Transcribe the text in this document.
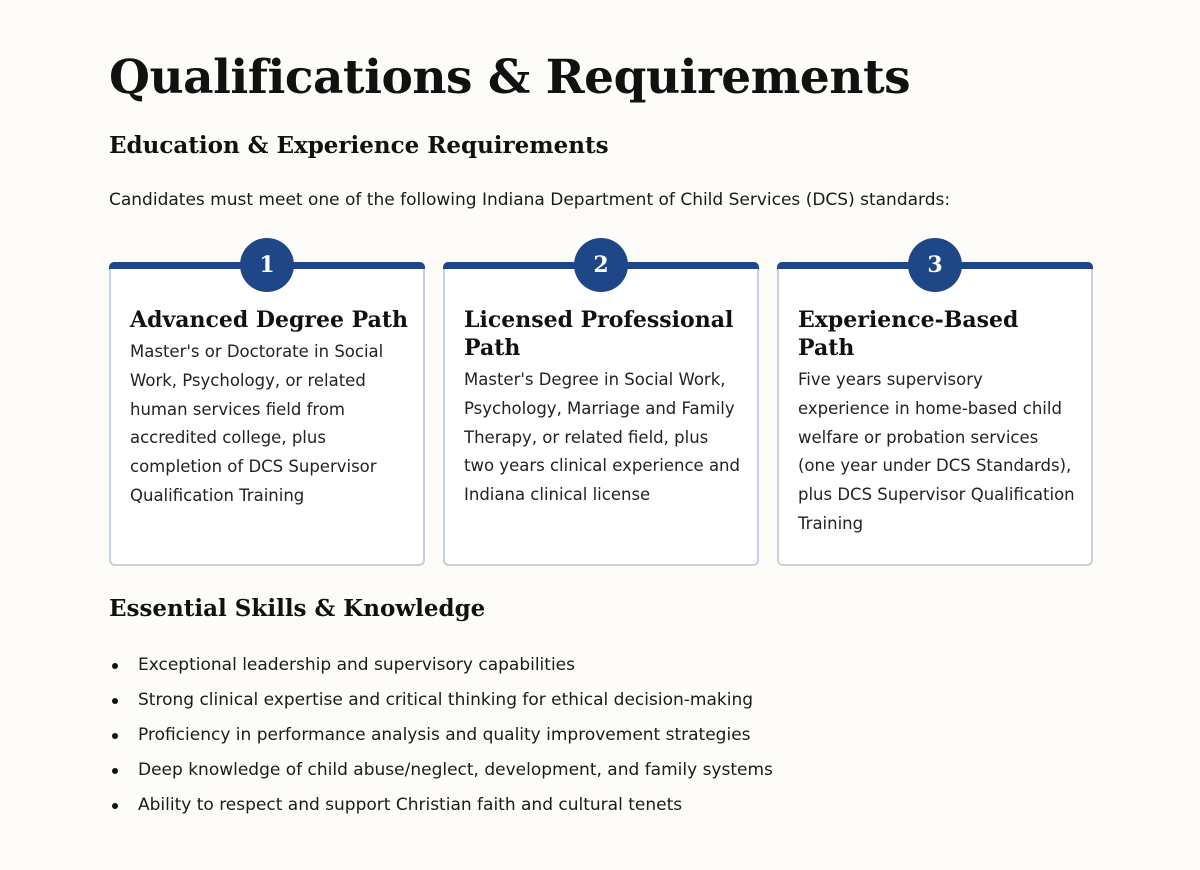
Qualifications & Requirements
Education & Experience Requirements

Candidates must meet one of the following Indiana Department of Child Services (DCS) standards:

1
Advanced Degree Path

Master's or Doctorate in Social Work, Psychology, or related human services field from accredited college, plus completion of DCS Supervisor Qualification Training

2
Licensed Professional Path

Master's Degree in Social Work, Psychology, Marriage and Family Therapy, or related field, plus two years clinical experience and Indiana clinical license

3
Experience-Based Path

Five years supervisory experience in home-based child welfare or probation services (one year under DCS Standards), plus DCS Supervisor Qualification Training

Essential Skills & Knowledge
Exceptional leadership and supervisory capabilities
Strong clinical expertise and critical thinking for ethical decision-making
Proficiency in performance analysis and quality improvement strategies
Deep knowledge of child abuse/neglect, development, and family systems
Ability to respect and support Christian faith and cultural tenets
